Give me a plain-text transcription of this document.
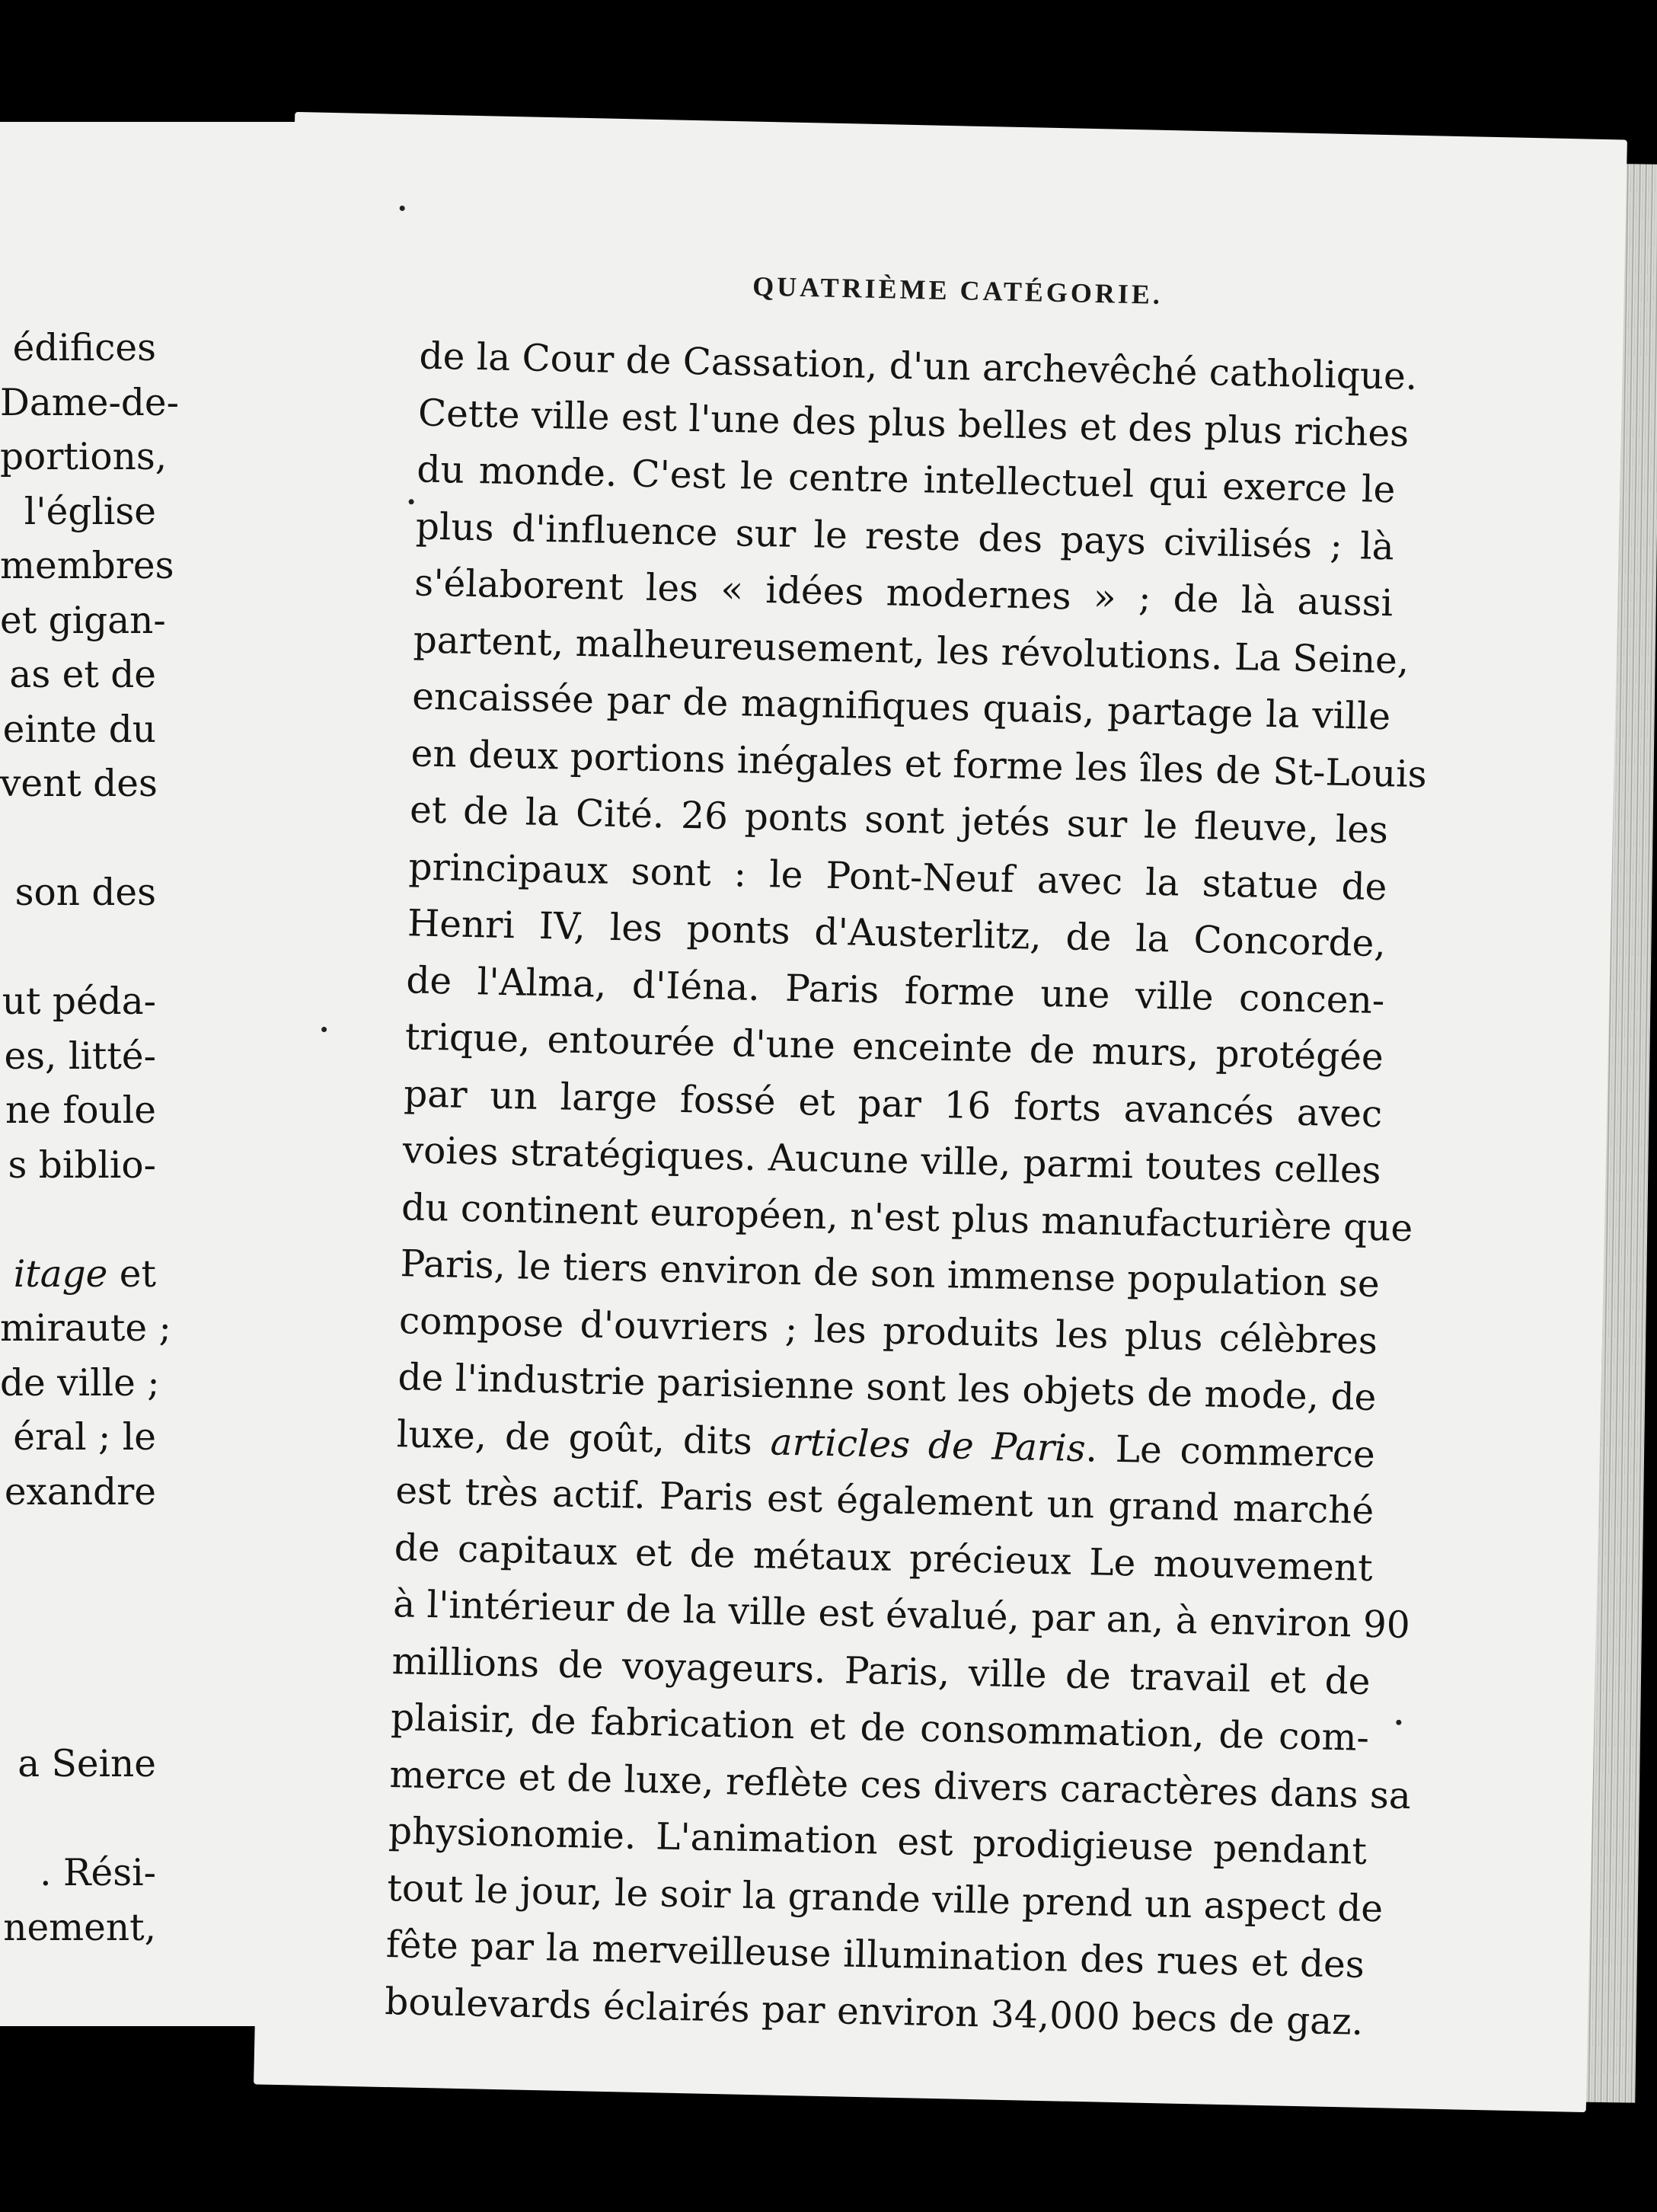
édifices
Dame-de-
portions,
l'église
membres
et gigan-
as et de
einte du
vent des
son des
ut péda-
es, litté-
ne foule
s biblio-
itage et
miraute ;
de ville ;
éral ; le
exandre
a Seine
. Rési-
nement,
QUATRIÈME CATÉGORIE.
de la Cour de Cassation, d'un archevêché catholique.
Cette ville est l'une des plus belles et des plus riches
du monde. C'est le centre intellectuel qui exerce le
plus d'influence sur le reste des pays civilisés ; là
s'élaborent les « idées modernes » ; de là aussi
partent, malheureusement, les révolutions. La Seine,
encaissée par de magnifiques quais, partage la ville
en deux portions inégales et forme les îles de St-Louis
et de la Cité. 26 ponts sont jetés sur le fleuve, les
principaux sont : le Pont-Neuf avec la statue de
Henri IV, les ponts d'Austerlitz, de la Concorde,
de l'Alma, d'Iéna. Paris forme une ville concen-
trique, entourée d'une enceinte de murs, protégée
par un large fossé et par 16 forts avancés avec
voies stratégiques. Aucune ville, parmi toutes celles
du continent européen, n'est plus manufacturière que
Paris, le tiers environ de son immense population se
compose d'ouvriers ; les produits les plus célèbres
de l'industrie parisienne sont les objets de mode, de
luxe, de goût, dits articles de Paris. Le commerce
est très actif. Paris est également un grand marché
de capitaux et de métaux précieux Le mouvement
à l'intérieur de la ville est évalué, par an, à environ 90
millions de voyageurs. Paris, ville de travail et de
plaisir, de fabrication et de consommation, de com-
merce et de luxe, reflète ces divers caractères dans sa
physionomie. L'animation est prodigieuse pendant
tout le jour, le soir la grande ville prend un aspect de
fête par la merveilleuse illumination des rues et des
boulevards éclairés par environ 34,000 becs de gaz.
